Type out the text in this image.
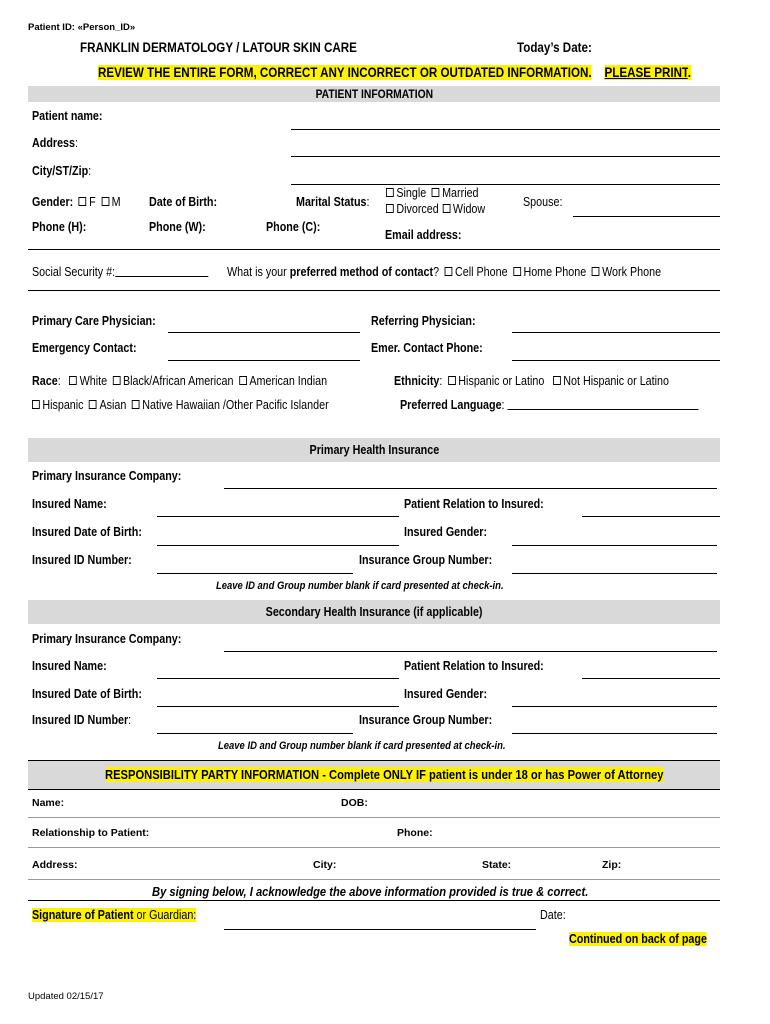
Patient ID: «Person_ID»
FRANKLIN DERMATOLOGY / LATOUR SKIN CARE	Today’s Date:
REVIEW THE ENTIRE FORM, CORRECT ANY INCORRECT OR OUTDATED INFORMATION. PLEASE PRINT.
PATIENT INFORMATION
Patient name:
Address:
City/ST/Zip:
Gender: F M Date of Birth:	Marital Status:
Single Married
Divorced Widow	Spouse:
Phone (H):	Phone (W):	Phone (C):
Email address:
Social Security #:	What is your preferred method of contact? Cell Phone Home Phone Work Phone
Primary Care Physician:	Referring Physician:
Emergency Contact:	Emer. Contact Phone:
Race: White Black/African American American Indian	Ethnicity: Hispanic or Latino Not Hispanic or Latino
Hispanic Asian Native Hawaiian /Other Pacific Islander	Preferred Language:
Primary Health Insurance
Primary Insurance Company:
Insured Name:	Patient Relation to Insured:
Insured Date of Birth:	Insured Gender:
Insured ID Number:	Insurance Group Number:
Leave ID and Group number blank if card presented at check-in.
Secondary Health Insurance (if applicable)
Primary Insurance Company:
Insured Name:	Patient Relation to Insured:
Insured Date of Birth:	Insured Gender:
Insured ID Number:	Insurance Group Number:
Leave ID and Group number blank if card presented at check-in.
RESPONSIBILITY PARTY INFORMATION - Complete ONLY IF patient is under 18 or has Power of Attorney
Name:	DOB:
Relationship to Patient:	Phone:
Address:	City:	State:	Zip:
By signing below, I acknowledge the above information provided is true & correct.
Signature of Patient or Guardian:	Date:
Continued on back of page
Updated 02/15/17
